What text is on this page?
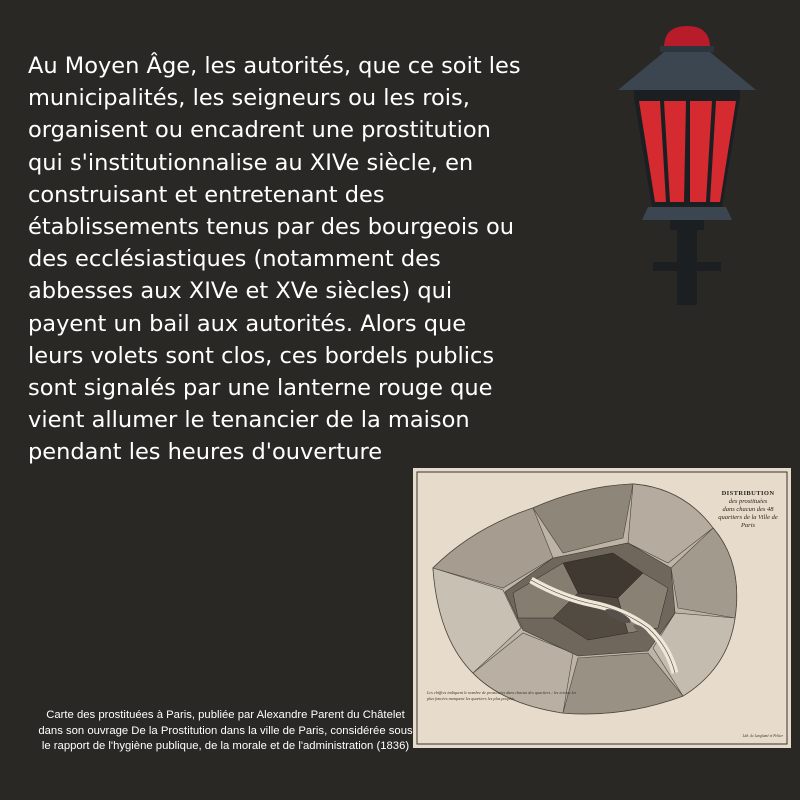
Au Moyen Âge, les autorités, que ce soit les
municipalités, les seigneurs ou les rois,
organisent ou encadrent une prostitution
qui s'institutionnalise au XIVe siècle, en
construisant et entretenant des
établissements tenus par des bourgeois ou
des ecclésiastiques (notamment des
abbesses aux XIVe et XVe siècles) qui
payent un bail aux autorités. Alors que
leurs volets sont clos, ces bordels publics
sont signalés par une lanterne rouge que
vient allumer le tenancier de la maison
pendant les heures d'ouverture

DISTRIBUTION
des prostituées
dans chacun des 48 quartiers de la Ville de Paris
Les chiffres indiquent le nombre de prostituées dans chacun des quartiers ; les teintes les plus foncées marquent les quartiers les plus peuplés.
Lith. de Langlumé et Peltier

Carte des prostituées à Paris, publiée par Alexandre Parent du Châtelet dans son ouvrage De la Prostitution dans la ville de Paris, considérée sous le rapport de l'hygiène publique, de la morale et de l'administration (1836)
